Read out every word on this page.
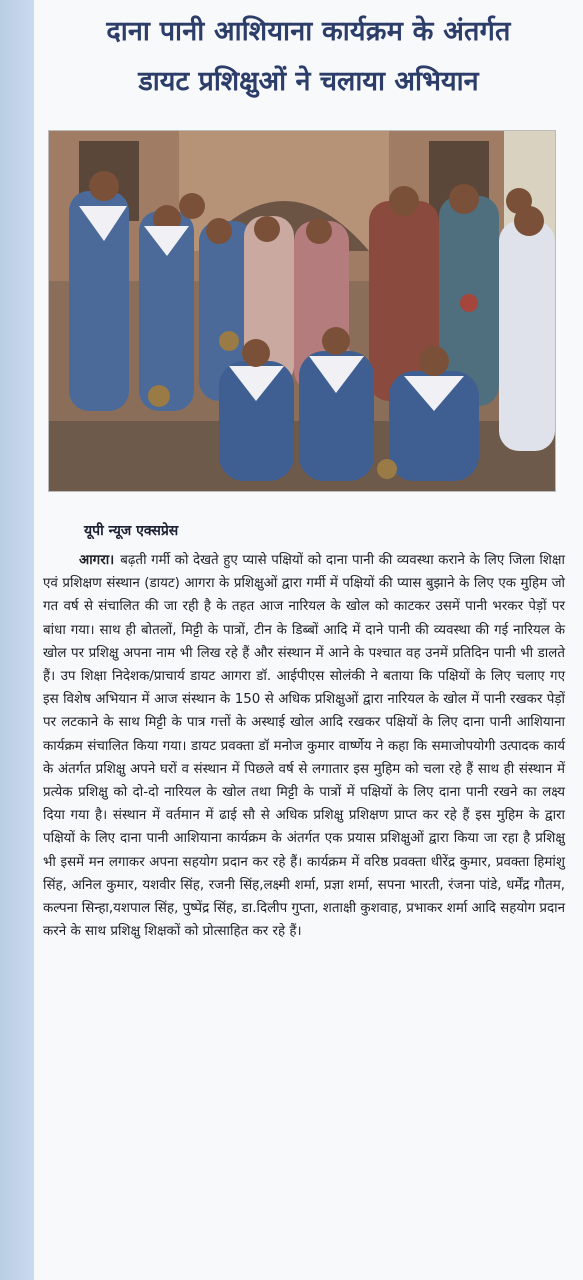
दाना पानी आशियाना कार्यक्रम के अंतर्गत
डायट प्रशिक्षुओं ने चलाया अभियान
यूपी न्यूज एक्सप्रेस
आगरा। बढ़ती गर्मी को देखते हुए प्यासे पक्षियों को दाना पानी की व्यवस्था कराने के लिए जिला शिक्षा एवं प्रशिक्षण संस्थान (डायट) आगरा के प्रशिक्षुओं द्वारा गर्मी में पक्षियों की प्यास बुझाने के लिए एक मुहिम जो गत वर्ष से संचालित की जा रही है के तहत आज नारियल के खोल को काटकर उसमें पानी भरकर पेड़ों पर बांधा गया। साथ ही बोतलों, मिट्टी के पात्रों, टीन के डिब्बों आदि में दाने पानी की व्यवस्था की गई नारियल के खोल पर प्रशिक्षु अपना नाम भी लिख रहे हैं और संस्थान में आने के पश्चात वह उनमें प्रतिदिन पानी भी डालते हैं। उप शिक्षा निदेशक/प्राचार्य डायट आगरा डॉ. आईपीएस सोलंकी ने बताया कि पक्षियों के लिए चलाए गए इस विशेष अभियान में आज संस्थान के 150 से अधिक प्रशिक्षुओं द्वारा नारियल के खोल में पानी रखकर पेड़ों पर लटकाने के साथ मिट्टी के पात्र गत्तों के अस्थाई खोल आदि रखकर पक्षियों के लिए दाना पानी आशियाना कार्यक्रम संचालित किया गया। डायट प्रवक्ता डॉ मनोज कुमार वार्ष्णेय ने कहा कि समाजोपयोगी उत्पादक कार्य के अंतर्गत प्रशिक्षु अपने घरों व संस्थान में पिछले वर्ष से लगातार इस मुहिम को चला रहे हैं साथ ही संस्थान में प्रत्येक प्रशिक्षु को दो-दो नारियल के खोल तथा मिट्टी के पात्रों में पक्षियों के लिए दाना पानी रखने का लक्ष्य दिया गया है। संस्थान में वर्तमान में ढाई सौ से अधिक प्रशिक्षु प्रशिक्षण प्राप्त कर रहे हैं इस मुहिम के द्वारा पक्षियों के लिए दाना पानी आशियाना कार्यक्रम के अंतर्गत एक प्रयास प्रशिक्षुओं द्वारा किया जा रहा है प्रशिक्षु भी इसमें मन लगाकर अपना सहयोग प्रदान कर रहे हैं। कार्यक्रम में वरिष्ठ प्रवक्ता धीरेंद्र कुमार, प्रवक्ता हिमांशु सिंह, अनिल कुमार, यशवीर सिंह, रजनी सिंह,लक्ष्मी शर्मा, प्रज्ञा शर्मा, सपना भारती, रंजना पांडे, धर्मेंद्र गौतम, कल्पना सिन्हा,यशपाल सिंह, पुष्पेंद्र सिंह, डा.दिलीप गुप्ता, शताक्षी कुशवाह, प्रभाकर शर्मा आदि सहयोग प्रदान करने के साथ प्रशिक्षु शिक्षकों को प्रोत्साहित कर रहे हैं।
